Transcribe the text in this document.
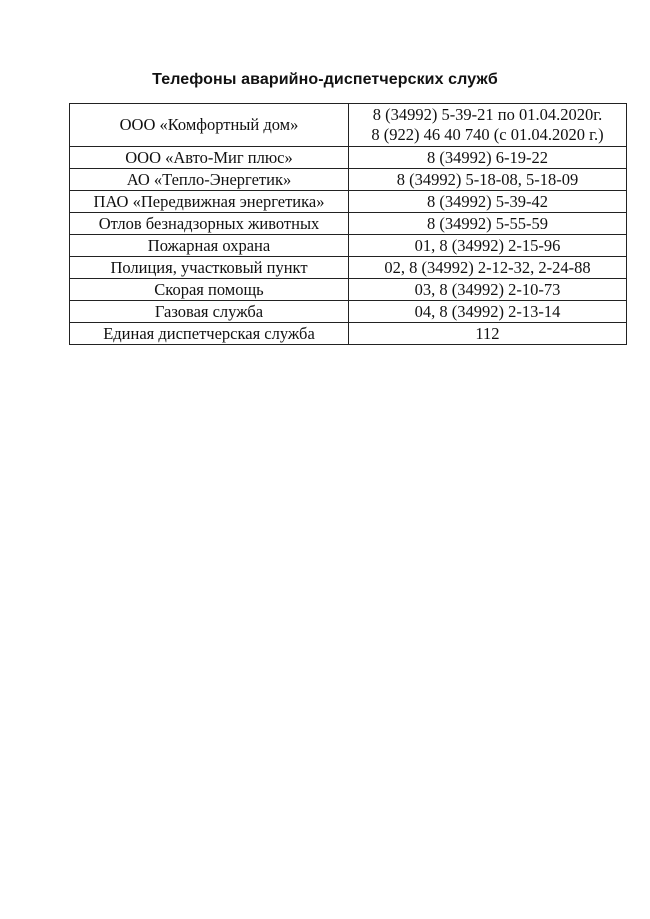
Телефоны аварийно-диспетчерских служб
ООО «Комфортный дом»	8 (34992) 5-39-21 по 01.04.2020г.
8 (922) 46 40 740 (с 01.04.2020 г.)

ООО «Авто-Миг плюс»	8 (34992) 6-19-22
АО «Тепло-Энергетик»	8 (34992) 5-18-08, 5-18-09
ПАО «Передвижная энергетика»	8 (34992) 5-39-42
Отлов безнадзорных животных	8 (34992) 5-55-59
Пожарная охрана	01, 8 (34992) 2-15-96
Полиция, участковый пункт	02, 8 (34992) 2-12-32, 2-24-88
Скорая помощь	03, 8 (34992) 2-10-73
Газовая служба	04, 8 (34992) 2-13-14
Единая диспетчерская служба	112
